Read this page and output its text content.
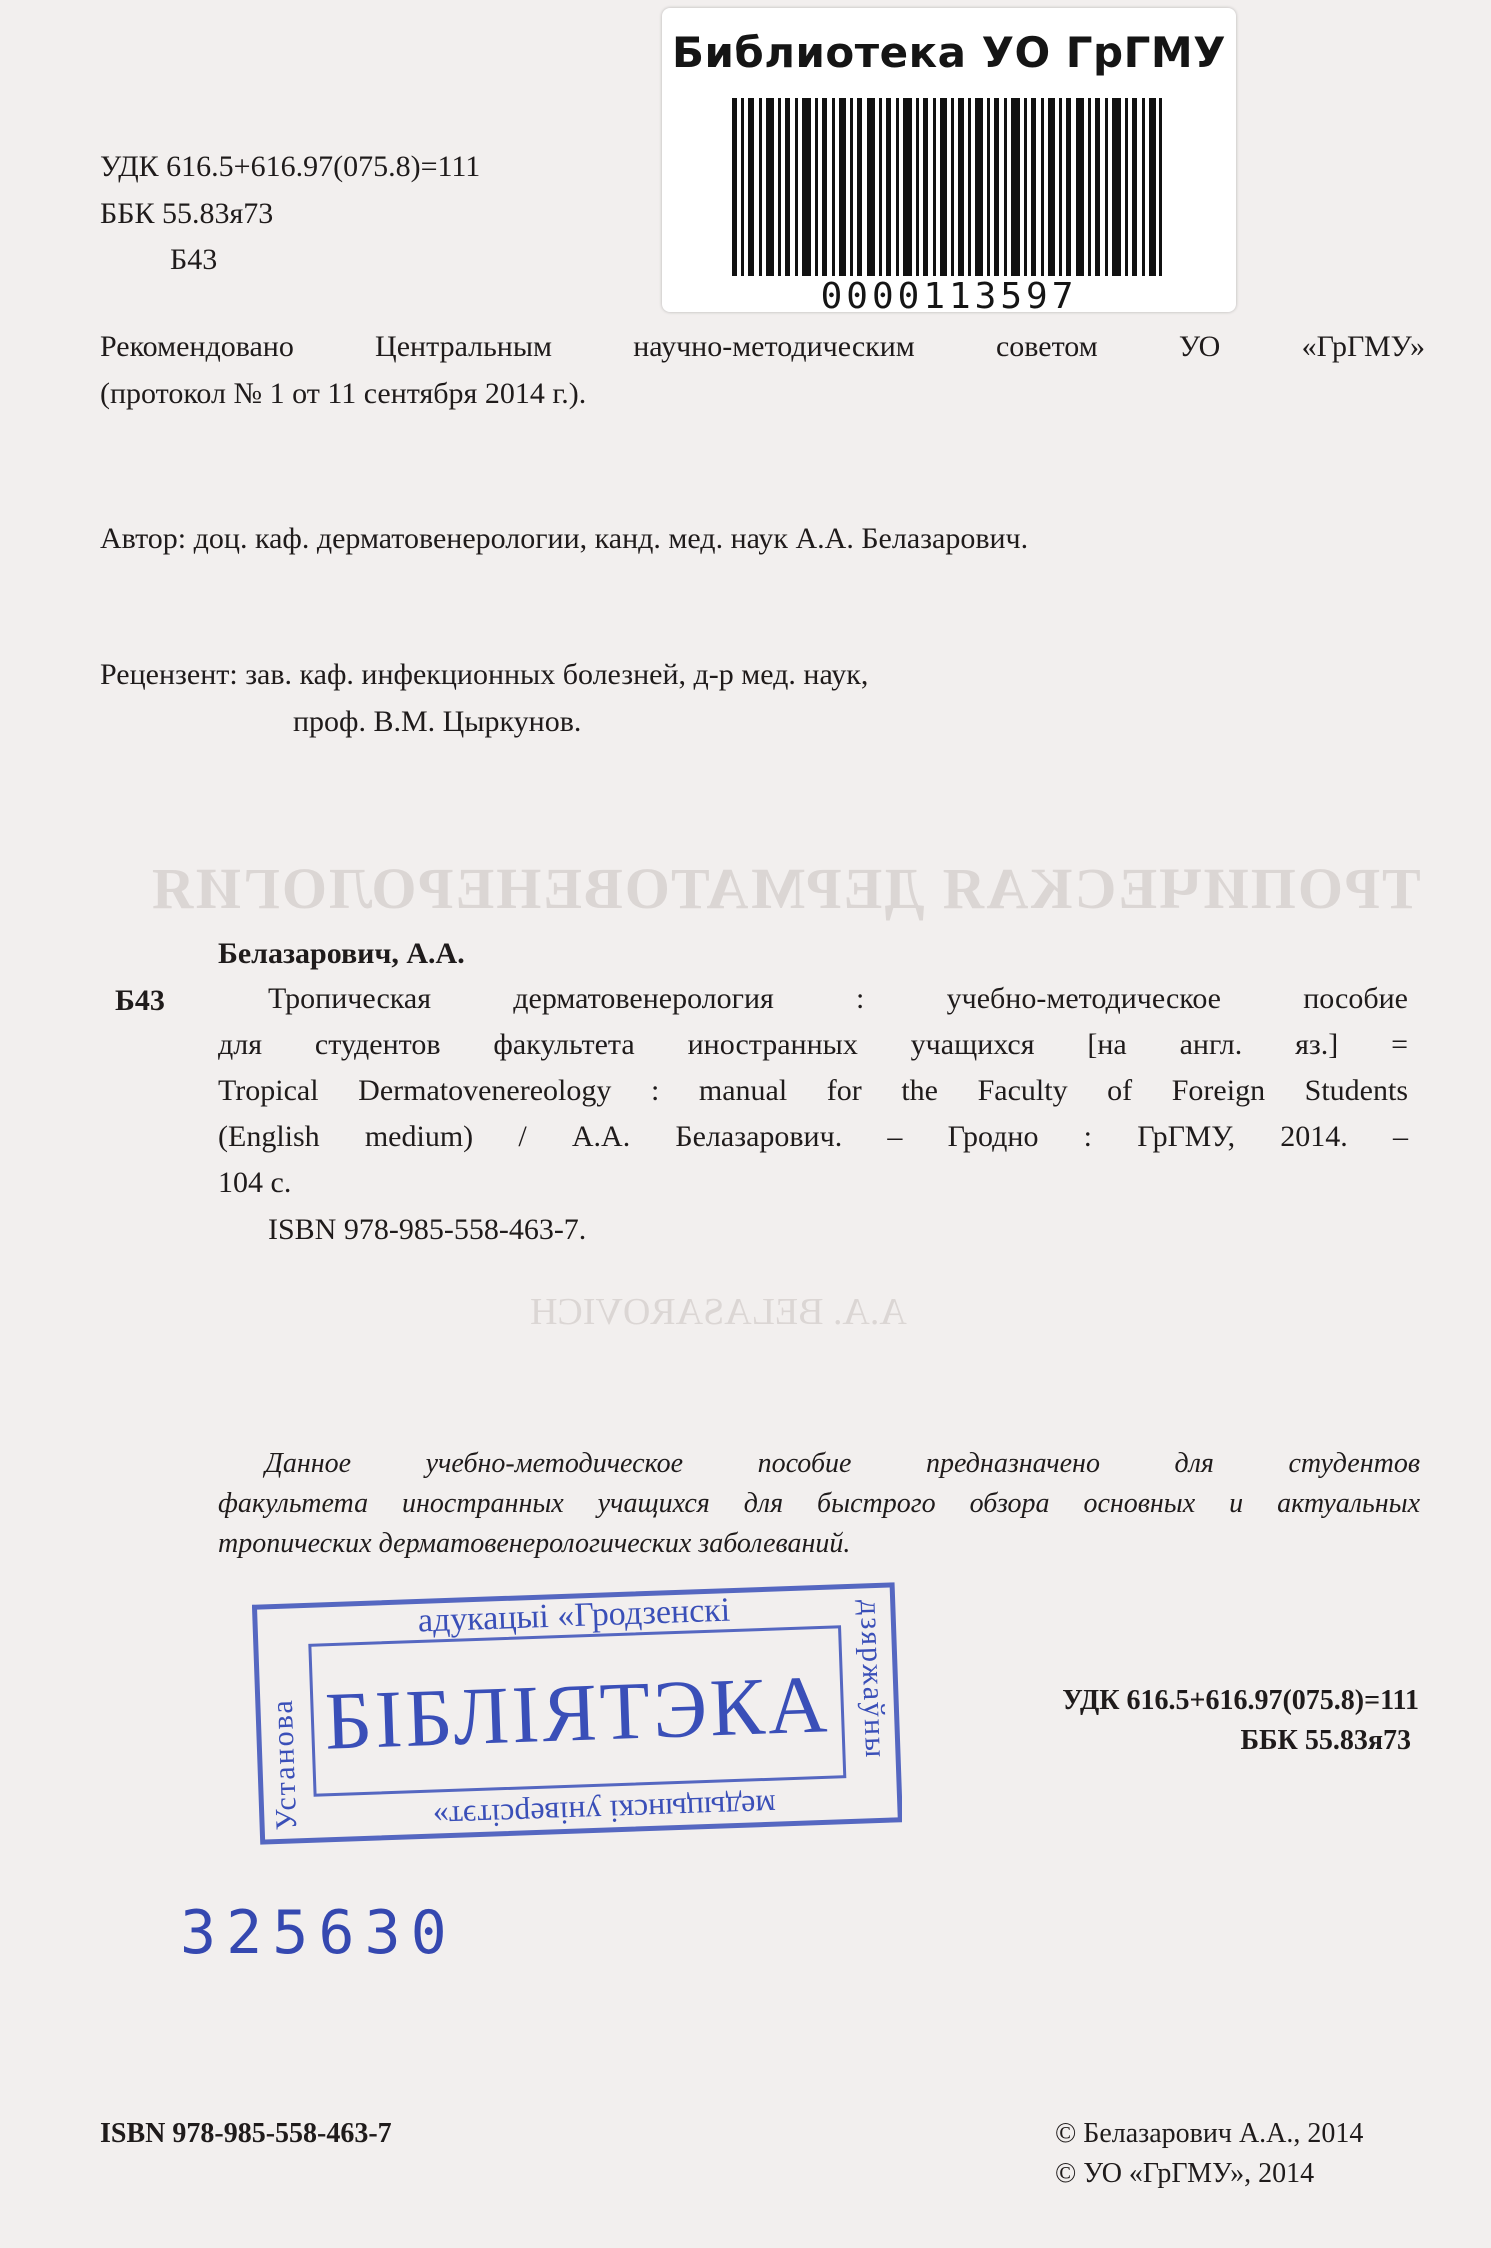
ТРОПИЧЕСКАЯ ДЕРМАТОВЕНЕРОЛОГИЯ
A.A. BELASAROVICH
Библиотека УО ГрГМУ
0000113597
УДК 616.5+616.97(075.8)=111
ББК 55.83я73
Б43
Рекомендовано Центральным научно-методическим советом УО «ГрГМУ»
(протокол № 1 от 11 сентября 2014 г.).
Автор: доц. каф. дерматовенерологии, канд. мед. наук А.А. Белазарович.
Рецензент: зав. каф. инфекционных болезней, д-р мед. наук,
проф. В.М. Цыркунов.
Белазарович, А.А.
Б43	Тропическая дерматовенерология : учебно-методическое пособие
для студентов факультета иностранных учащихся [на англ. яз.] =
Tropical Dermatovenereology : manual for the Faculty of Foreign Students
(English medium) / А.А. Белазарович. – Гродно : ГрГМУ, 2014. –
104 с.
ISBN 978-985-558-463-7.
Данное учебно-методическое пособие предназначено для студентов
факультета иностранных учащихся для быстрого обзора основных и актуальных
тропических дерматовенерологических заболеваний.
адукацыі «Гродзенскі
БІБЛІЯТЭКА
Установа
дзяржаўны
медыцынскі універсітэт»
УДК 616.5+616.97(075.8)=111
ББК 55.83я73
325630
ISBN 978-985-558-463-7	© Белазарович А.А., 2014
© УО «ГрГМУ», 2014
